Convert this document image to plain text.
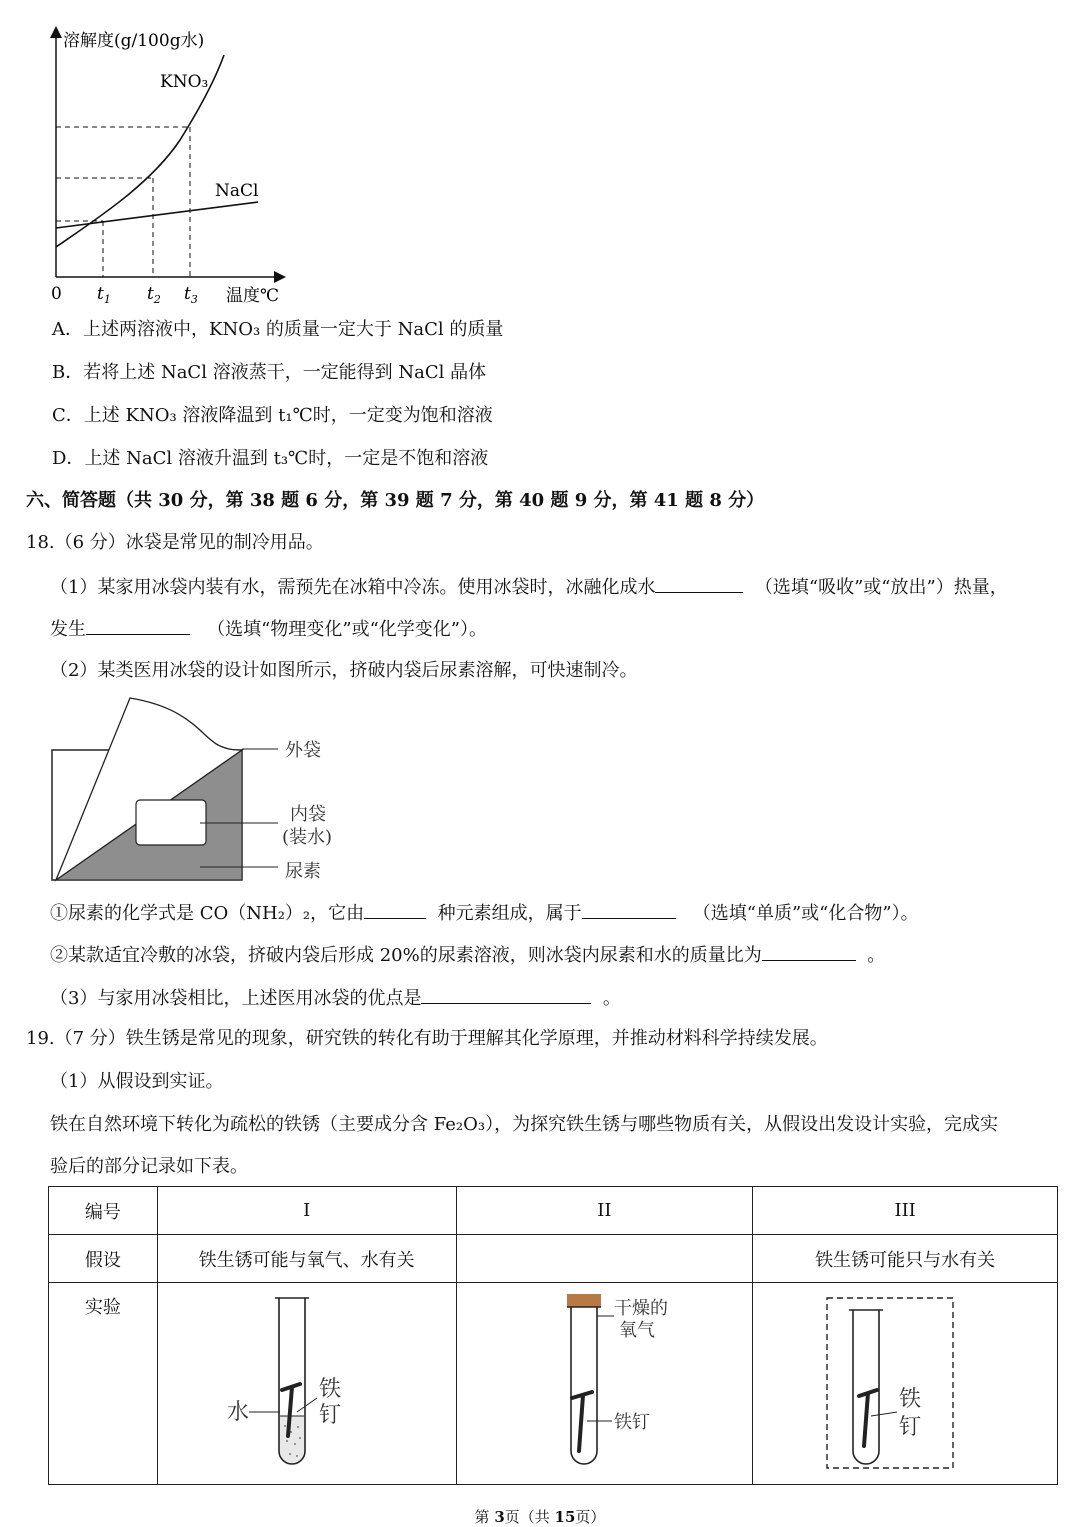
溶解度(g/100g水)
KNO₃
NaCl
0 $t_1$ $t_2$ $t_3$ 温度℃
A．上述两溶液中，KNO₃ 的质量一定大于 NaCl 的质量
B．若将上述 NaCl 溶液蒸干，一定能得到 NaCl 晶体
C．上述 KNO₃ 溶液降温到 t₁℃时，一定变为饱和溶液
D．上述 NaCl 溶液升温到 t₃℃时，一定是不饱和溶液
六、简答题（共 30 分，第 38 题 6 分，第 39 题 7 分，第 40 题 9 分，第 41 题 8 分）
18.（6 分）冰袋是常见的制冷用品。
（1）某家用冰袋内装有水，需预先在冰箱中冷冻。使用冰袋时，冰融化成水	（选填“吸收”或“放出”）热量，
发生	（选填“物理变化”或“化学变化”）。
（2）某类医用冰袋的设计如图所示，挤破内袋后尿素溶解，可快速制冷。
外袋
内袋
(装水)
尿素
①尿素的化学式是 CO（NH₂）₂，它由	种元素组成，属于	（选填“单质”或“化合物”）。
②某款适宜冷敷的冰袋，挤破内袋后形成 20%的尿素溶液，则冰袋内尿素和水的质量比为	。
（3）与家用冰袋相比，上述医用冰袋的优点是	。
19.（7 分）铁生锈是常见的现象，研究铁的转化有助于理解其化学原理，并推动材料科学持续发展。
（1）从假设到实证。
铁在自然环境下转化为疏松的铁锈（主要成分含 Fe₂O₃），为探究铁生锈与哪些物质有关，从假设出发设计实验，完成实
验后的部分记录如下表。
编号	I	II	III
假设	铁生锈可能与氧气、水有关		铁生锈可能只与水有关
实验	水
铁
钉	干燥的
氧气
铁钉	铁
钉
第 3页（共 15页）
